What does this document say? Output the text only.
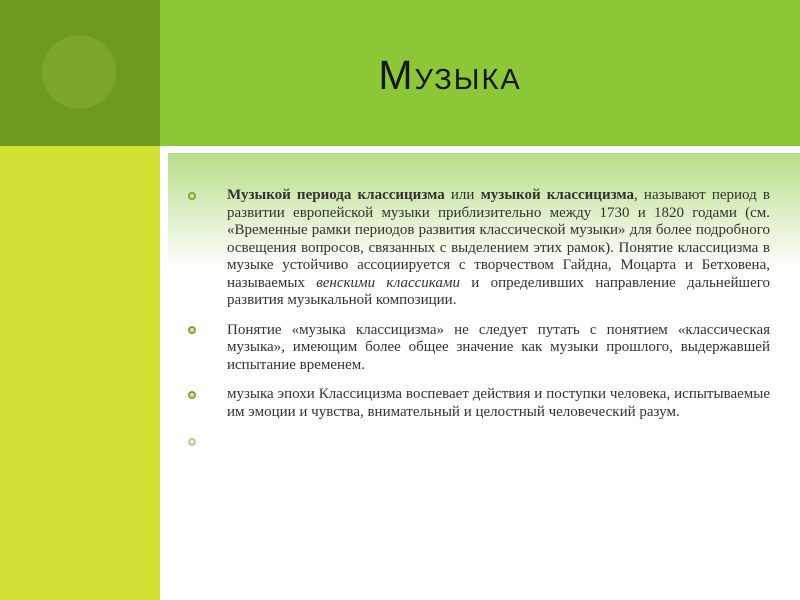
Музыка
Музыкой периода классицизма или музыкой классицизма, называют период в развитии европейской музыки приблизительно между 1730 и 1820 годами (см. «Временные рамки периодов развития классической музыки» для более подробного освещения вопросов, связанных с выделением этих рамок). Понятие классицизма в музыке устойчиво ассоциируется с творчеством Гайдна, Моцарта и Бетховена, называемых венскими классиками и определивших направление дальнейшего развития музыкальной композиции.
Понятие «музыка классицизма» не следует путать с понятием «классическая музыка», имеющим более общее значение как музыки прошлого, выдержавшей испытание временем.
музыка эпохи Классицизма воспевает действия и поступки человека, испытываемые им эмоции и чувства, внимательный и целостный человеческий разум.
